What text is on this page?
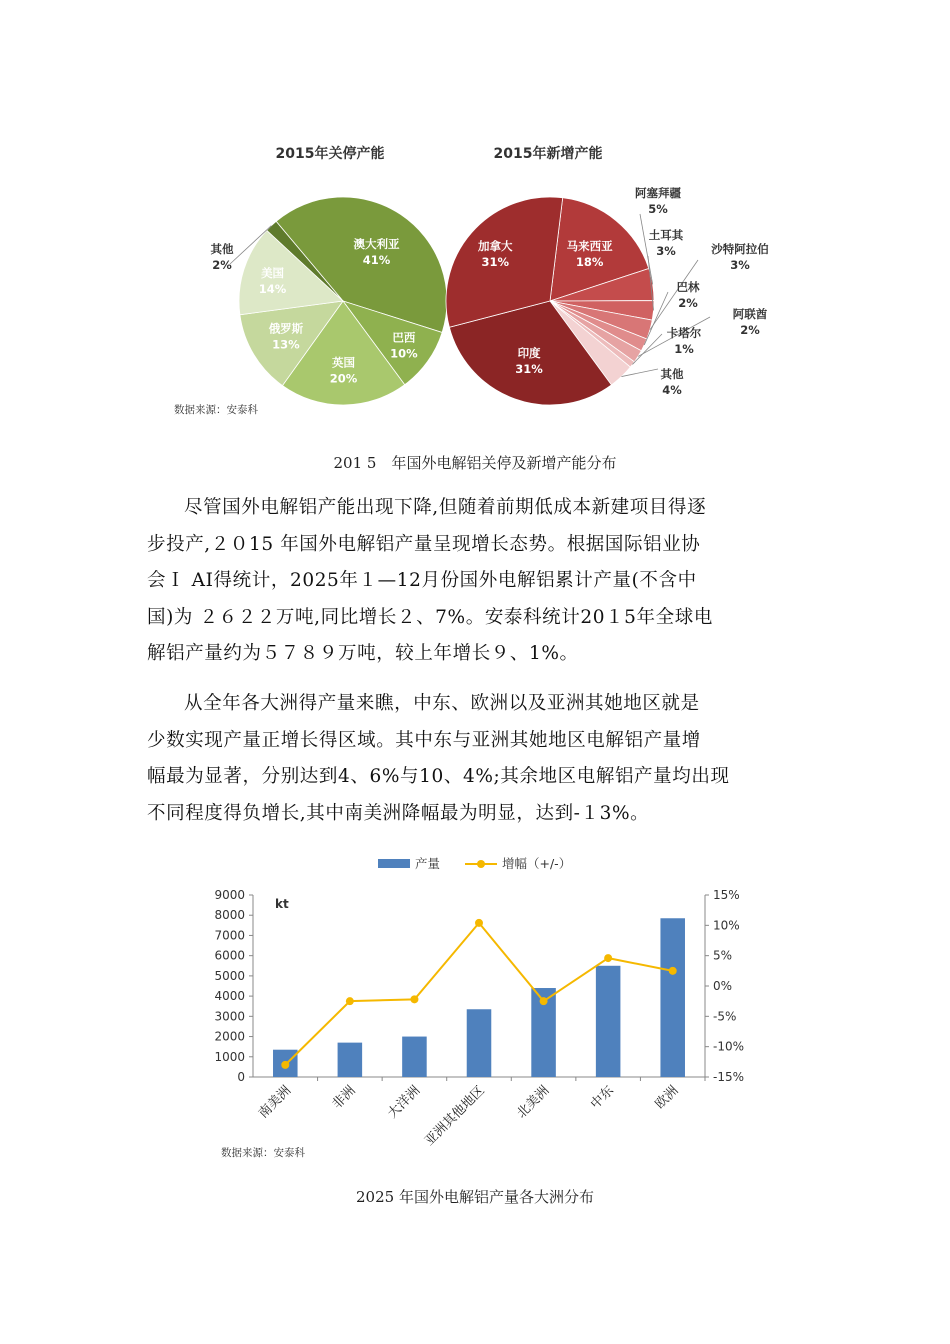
2015年关停产能	2015年新增产能
澳大利亚
41%
巴西
10%
英国
20%
俄罗斯
13%
美国
14%
其他
2%
马来西亚
18%
阿塞拜疆
5%
土耳其
3%	沙特阿拉伯
3%
巴林
2%
阿联酋
2%
卡塔尔
1%
其他
4%
印度
31%
加拿大
31%
数据来源：安泰科
201 5　年国外电解铝关停及新增产能分布
尽管国外电解铝产能出现下降,但随着前期低成本新建项目得逐
步投产,２０15 年国外电解铝产量呈现增长态势。根据国际铝业协
会Ｉ AI得统计，2025年１—12月份国外电解铝累计产量(不含中
国)为 ２６２２万吨,同比增长２、7%。安泰科统计20１5年全球电
解铝产量约为５７８９万吨，较上年增长９、1%。
从全年各大洲得产量来瞧，中东、欧洲以及亚洲其她地区就是
少数实现产量正增长得区域。其中东与亚洲其她地区电解铝产量增
幅最为显著，分别达到4、6%与10、4%;其余地区电解铝产量均出现
不同程度得负增长,其中南美洲降幅最为明显，达到-１3%。
产量	增幅（+/-）
kt
0
1000
2000
3000
4000
5000
6000
7000
8000
9000
-15%
-10%
-5%
0%
5%
10%
15%
南美洲	非洲 大洋洲
亚洲其他地区 北美洲	中东	欧洲
数据来源：安泰科
2025 年国外电解铝产量各大洲分布
